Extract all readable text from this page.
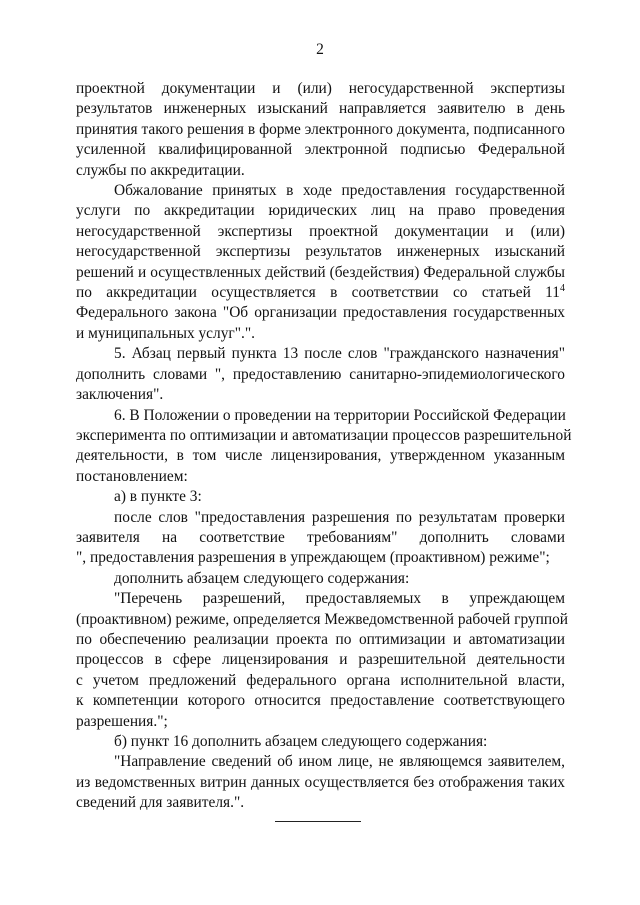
2

проектной документации и (или) негосударственной экспертизы
результатов инженерных изысканий направляется заявителю в день
принятия такого решения в форме электронного документа, подписанного
усиленной квалифицированной электронной подписью Федеральной
службы по аккредитации.

Обжалование принятых в ходе предоставления государственной
услуги по аккредитации юридических лиц на право проведения
негосударственной экспертизы проектной документации и (или)
негосударственной экспертизы результатов инженерных изысканий
решений и осуществленных действий (бездействия) Федеральной службы
по аккредитации осуществляется в соответствии со статьей $11^4$
Федерального закона "Об организации предоставления государственных
и муниципальных услуг".".

5. Абзац первый пункта 13 после слов "гражданского назначения"
дополнить словами ", предоставлению санитарно-эпидемиологического
заключения".

6. В Положении о проведении на территории Российской Федерации
эксперимента по оптимизации и автоматизации процессов разрешительной
деятельности, в том числе лицензирования, утвержденном указанным
постановлением:

а) в пункте 3:

после слов "предоставления разрешения по результатам проверки
заявителя на соответствие требованиям" дополнить словами
", предоставления разрешения в упреждающем (проактивном) режиме";

дополнить абзацем следующего содержания:

"Перечень разрешений, предоставляемых в упреждающем
(проактивном) режиме, определяется Межведомственной рабочей группой
по обеспечению реализации проекта по оптимизации и автоматизации
процессов в сфере лицензирования и разрешительной деятельности
с учетом предложений федерального органа исполнительной власти,
к компетенции которого относится предоставление соответствующего
разрешения.";

б) пункт 16 дополнить абзацем следующего содержания:

"Направление сведений об ином лице, не являющемся заявителем,
из ведомственных витрин данных осуществляется без отображения таких
сведений для заявителя.".
